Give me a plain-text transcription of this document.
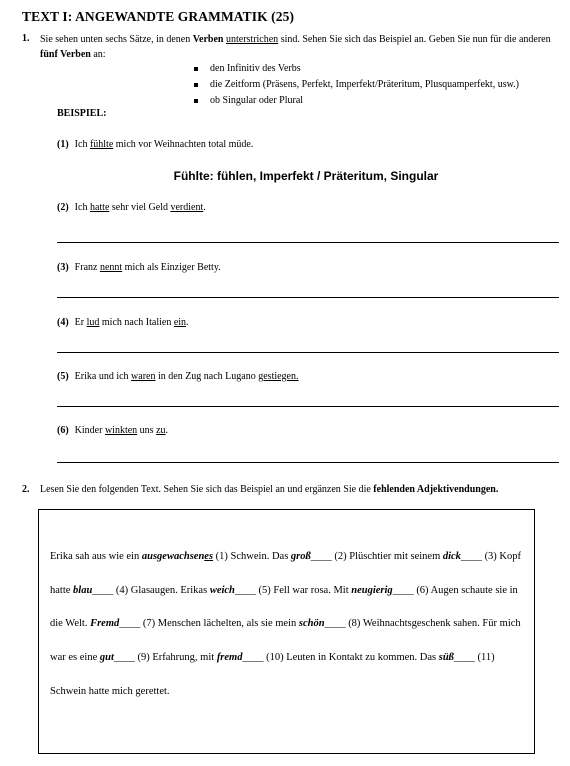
TEXT I: ANGEWANDTE GRAMMATIK (25)
1. Sie sehen unten sechs Sätze, in denen Verben unterstrichen sind. Sehen Sie sich das Beispiel an. Geben Sie nun für die anderen fünf Verben an:
den Infinitiv des Verbs
die Zeitform (Präsens, Perfekt, Imperfekt/Präteritum, Plusquamperfekt, usw.)
ob Singular oder Plural
BEISPIEL:
(1) Ich fühlte mich vor Weihnachten total müde.
Fühlte: fühlen, Imperfekt / Präteritum, Singular
(2) Ich hatte sehr viel Geld verdient.
(3) Franz nennt mich als Einziger Betty.
(4) Er lud mich nach Italien ein.
(5) Erika und ich waren in den Zug nach Lugano gestiegen.
(6) Kinder winkten uns zu.
2. Lesen Sie den folgenden Text. Sehen Sie sich das Beispiel an und ergänzen Sie die fehlenden Adjektivendungen.
Erika sah aus wie ein ausgewachsenes (1) Schwein. Das groß____ (2) Plüschtier mit seinem dick____ (3) Kopf hatte blau____ (4) Glasaugen. Erikas weich____ (5) Fell war rosa. Mit neugierig____ (6) Augen schaute sie in die Welt. Fremd____ (7) Menschen lächelten, als sie mein schön____ (8) Weihnachtsgeschenk sahen. Für mich war es eine gut____ (9) Erfahrung, mit fremd____ (10) Leuten in Kontakt zu kommen. Das süß____ (11) Schwein hatte mich gerettet.
